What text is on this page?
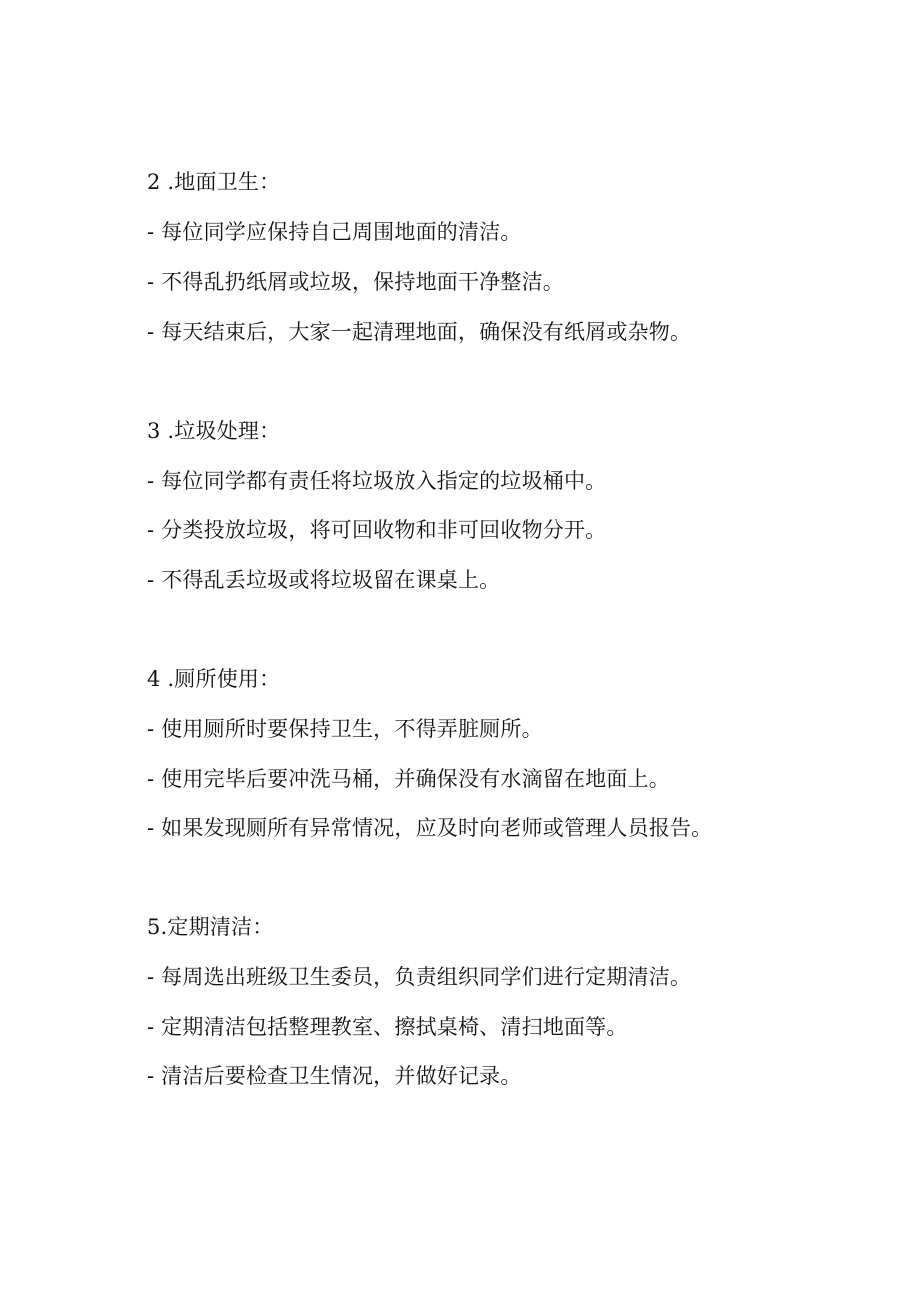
2 .地面卫生：
- 每位同学应保持自己周围地面的清洁。
- 不得乱扔纸屑或垃圾，保持地面干净整洁。
- 每天结束后，大家一起清理地面，确保没有纸屑或杂物。
3 .垃圾处理：
- 每位同学都有责任将垃圾放入指定的垃圾桶中。
- 分类投放垃圾，将可回收物和非可回收物分开。
- 不得乱丢垃圾或将垃圾留在课桌上。
4 .厕所使用：
- 使用厕所时要保持卫生，不得弄脏厕所。
- 使用完毕后要冲洗马桶，并确保没有水滴留在地面上。
- 如果发现厕所有异常情况，应及时向老师或管理人员报告。
5.定期清洁：
- 每周选出班级卫生委员，负责组织同学们进行定期清洁。
- 定期清洁包括整理教室、擦拭桌椅、清扫地面等。
- 清洁后要检查卫生情况，并做好记录。
